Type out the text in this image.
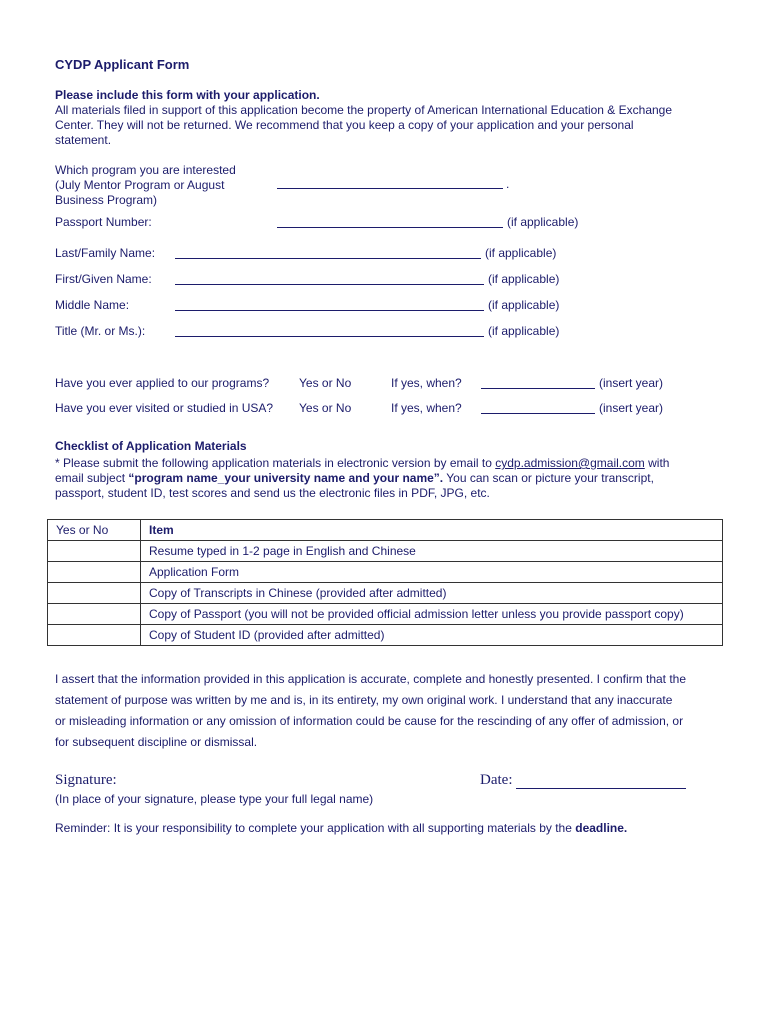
CYDP Applicant Form
Please include this form with your application.
All materials filed in support of this application become the property of American International Education & Exchange
Center. They will not be returned. We recommend that you keep a copy of your application and your personal
statement.
Which program you are interested
(July Mentor Program or August
Business Program)
.
Passport Number:	(if applicable)
Last/Family Name:	(if applicable)
First/Given Name:	(if applicable)
Middle Name:	(if applicable)
Title (Mr. or Ms.):	(if applicable)
Have you ever applied to our programs? Yes or No	If yes, when?	(insert year)
Have you ever visited or studied in USA? Yes or No	If yes, when?	(insert year)
Checklist of Application Materials
* Please submit the following application materials in electronic version by email to cydp.admission@gmail.com with
email subject “program name_your university name and your name”. You can scan or picture your transcript,
passport, student ID, test scores and send us the electronic files in PDF, JPG, etc.
Yes or No	Item
	Resume typed in 1-2 page in English and Chinese
	Application Form
	Copy of Transcripts in Chinese (provided after admitted)
	Copy of Passport (you will not be provided official admission letter unless you provide passport copy)
	Copy of Student ID (provided after admitted)
I assert that the information provided in this application is accurate, complete and honestly presented. I confirm that the
statement of purpose was written by me and is, in its entirety, my own original work. I understand that any inaccurate
or misleading information or any omission of information could be cause for the rescinding of any offer of admission, or
for subsequent discipline or dismissal.
Signature:	Date:
(In place of your signature, please type your full legal name)
Reminder: It is your responsibility to complete your application with all supporting materials by the deadline.
